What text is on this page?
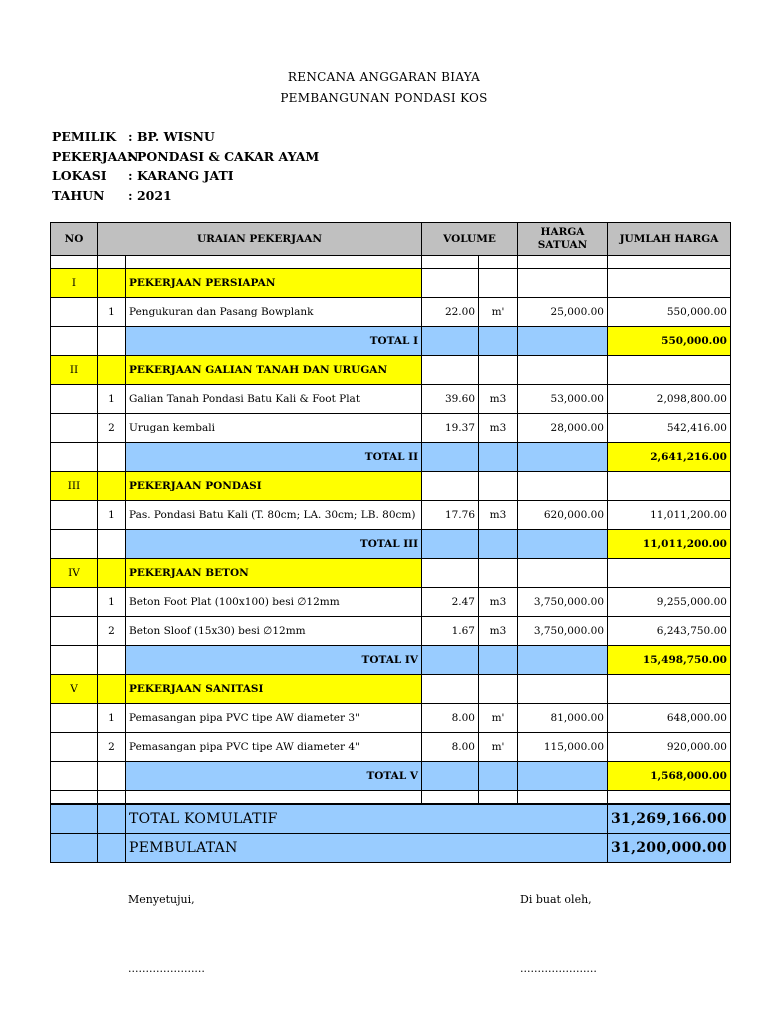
RENCANA ANGGARAN BIAYA
PEMBANGUNAN PONDASI KOS
PEMILIK : BP. WISNU
PEKERJAAN: PONDASI & CAKAR AYAM
LOKASI : KARANG JATI
TAHUN : 2021
NO	URAIAN PEKERJAAN		VOLUME		HARGA SATUAN	JUMLAH HARGA

I		PEKERJAAN PERSIAPAN				
	1	Pengukuran dan Pasang Bowplank	22.00	m'	25,000.00	550,000.00
		TOTAL I				550,000.00
II		PEKERJAAN GALIAN TANAH DAN URUGAN				
	1	Galian Tanah Pondasi Batu Kali & Foot Plat	39.60	m3	53,000.00	2,098,800.00
	2	Urugan kembali	19.37	m3	28,000.00	542,416.00
		TOTAL II				2,641,216.00
III		PEKERJAAN PONDASI				
	1	Pas. Pondasi Batu Kali (T. 80cm; LA. 30cm; LB. 80cm)	17.76	m3	620,000.00	11,011,200.00
		TOTAL III				11,011,200.00
IV		PEKERJAAN BETON				
	1	Beton Foot Plat (100x100) besi ∅12mm	2.47	m3	3,750,000.00	9,255,000.00
	2	Beton Sloof (15x30) besi ∅12mm	1.67	m3	3,750,000.00	6,243,750.00
		TOTAL IV				15,498,750.00
V		PEKERJAAN SANITASI				
	1	Pemasangan pipa PVC tipe AW diameter 3"	8.00	m'	81,000.00	648,000.00
	2	Pemasangan pipa PVC tipe AW diameter 4"	8.00	m'	115,000.00	920,000.00
		TOTAL V				1,568,000.00

		TOTAL KOMULATIF				31,269,166.00
		PEMBULATAN				31,200,000.00
Menyetujui,	Di buat oleh,
......................	......................
